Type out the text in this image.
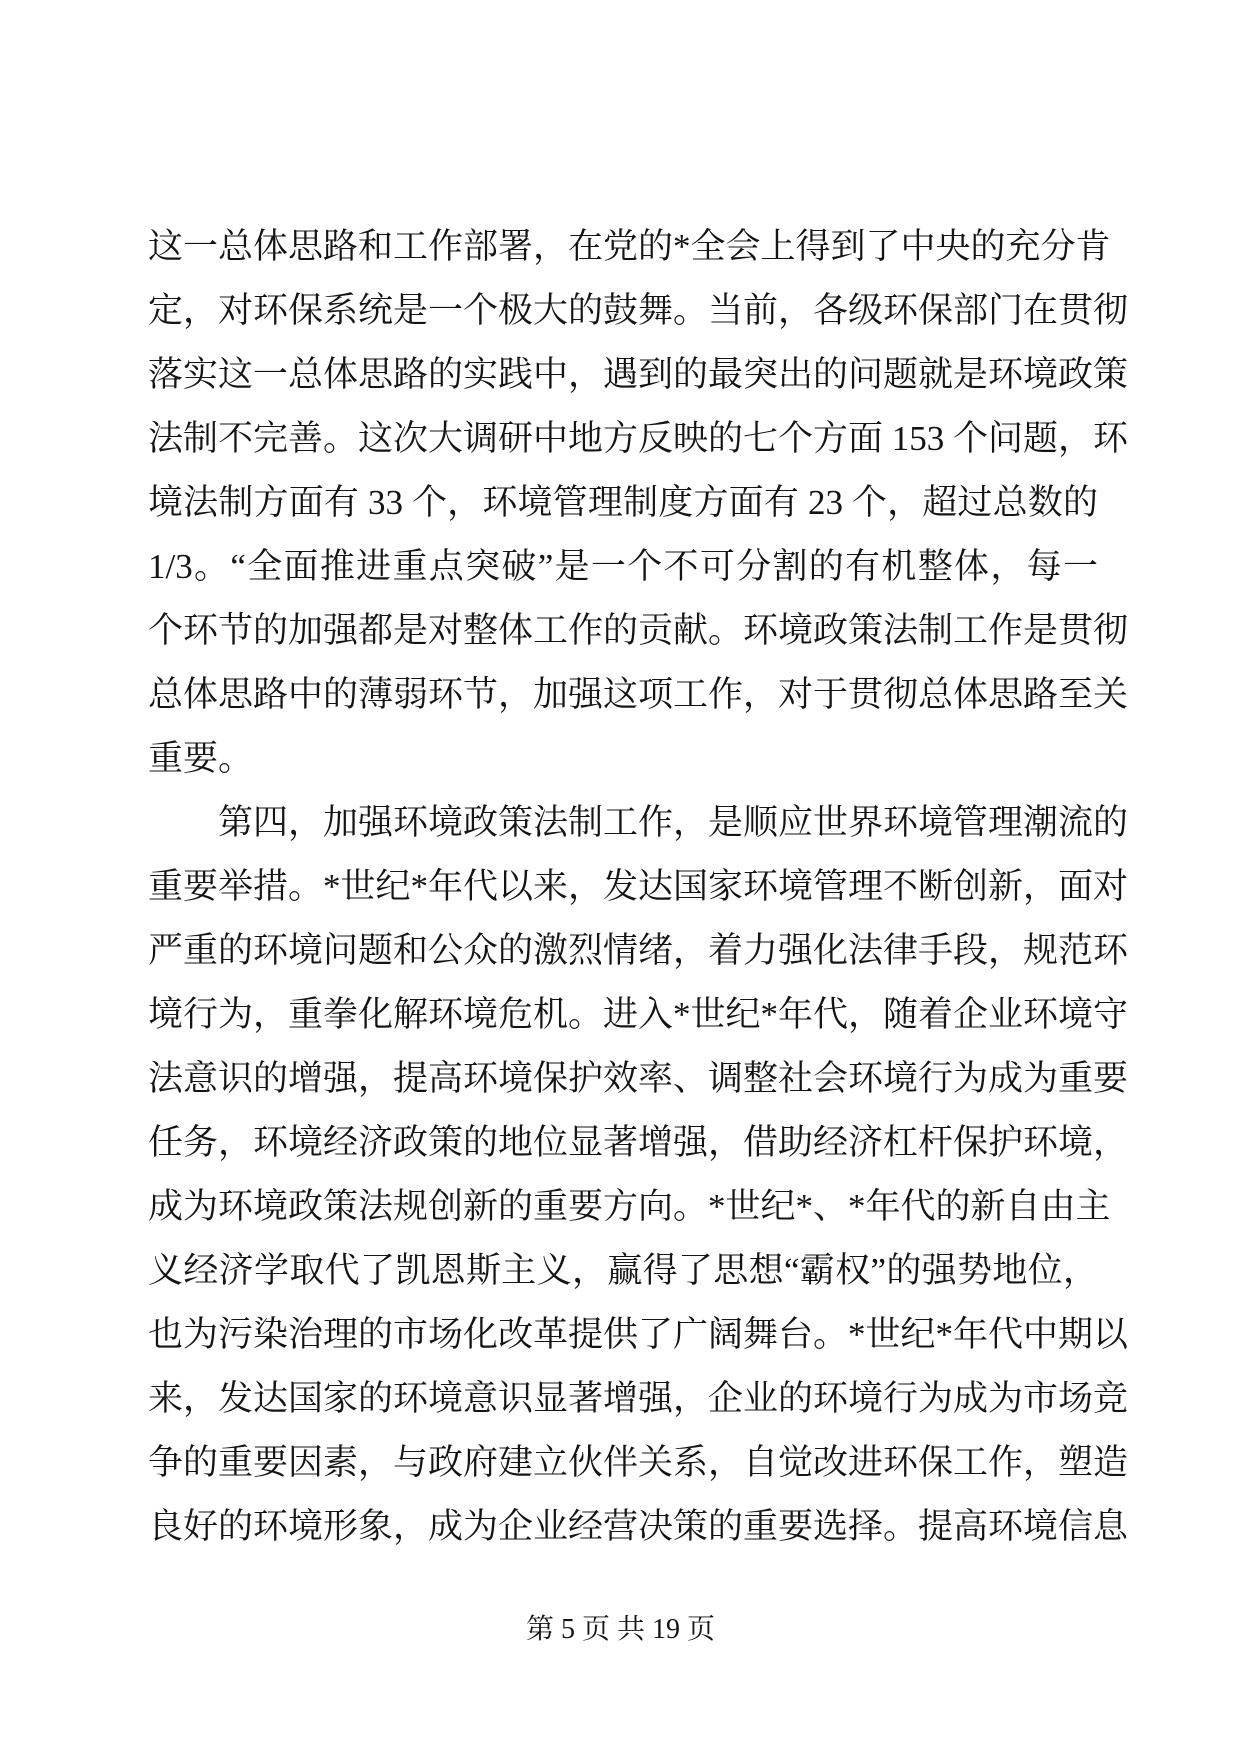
这一总体思路和工作部署，在党的*全会上得到了中央的充分肯
定，对环保系统是一个极大的鼓舞。当前，各级环保部门在贯彻
落实这一总体思路的实践中，遇到的最突出的问题就是环境政策
法制不完善。这次大调研中地方反映的七个方面 153 个问题，环
境法制方面有 33 个，环境管理制度方面有 23 个，超过总数的
1/3。“全面推进重点突破”是一个不可分割的有机整体，每一
个环节的加强都是对整体工作的贡献。环境政策法制工作是贯彻
总体思路中的薄弱环节，加强这项工作，对于贯彻总体思路至关
重要。
第四，加强环境政策法制工作，是顺应世界环境管理潮流的
重要举措。*世纪*年代以来，发达国家环境管理不断创新，面对
严重的环境问题和公众的激烈情绪，着力强化法律手段，规范环
境行为，重拳化解环境危机。进入*世纪*年代，随着企业环境守
法意识的增强，提高环境保护效率、调整社会环境行为成为重要
任务，环境经济政策的地位显著增强，借助经济杠杆保护环境，
成为环境政策法规创新的重要方向。*世纪*、*年代的新自由主
义经济学取代了凯恩斯主义，赢得了思想“霸权”的强势地位，
也为污染治理的市场化改革提供了广阔舞台。*世纪*年代中期以
来，发达国家的环境意识显著增强，企业的环境行为成为市场竞
争的重要因素，与政府建立伙伴关系，自觉改进环保工作，塑造
良好的环境形象，成为企业经营决策的重要选择。提高环境信息
第 5 页 共 19 页
